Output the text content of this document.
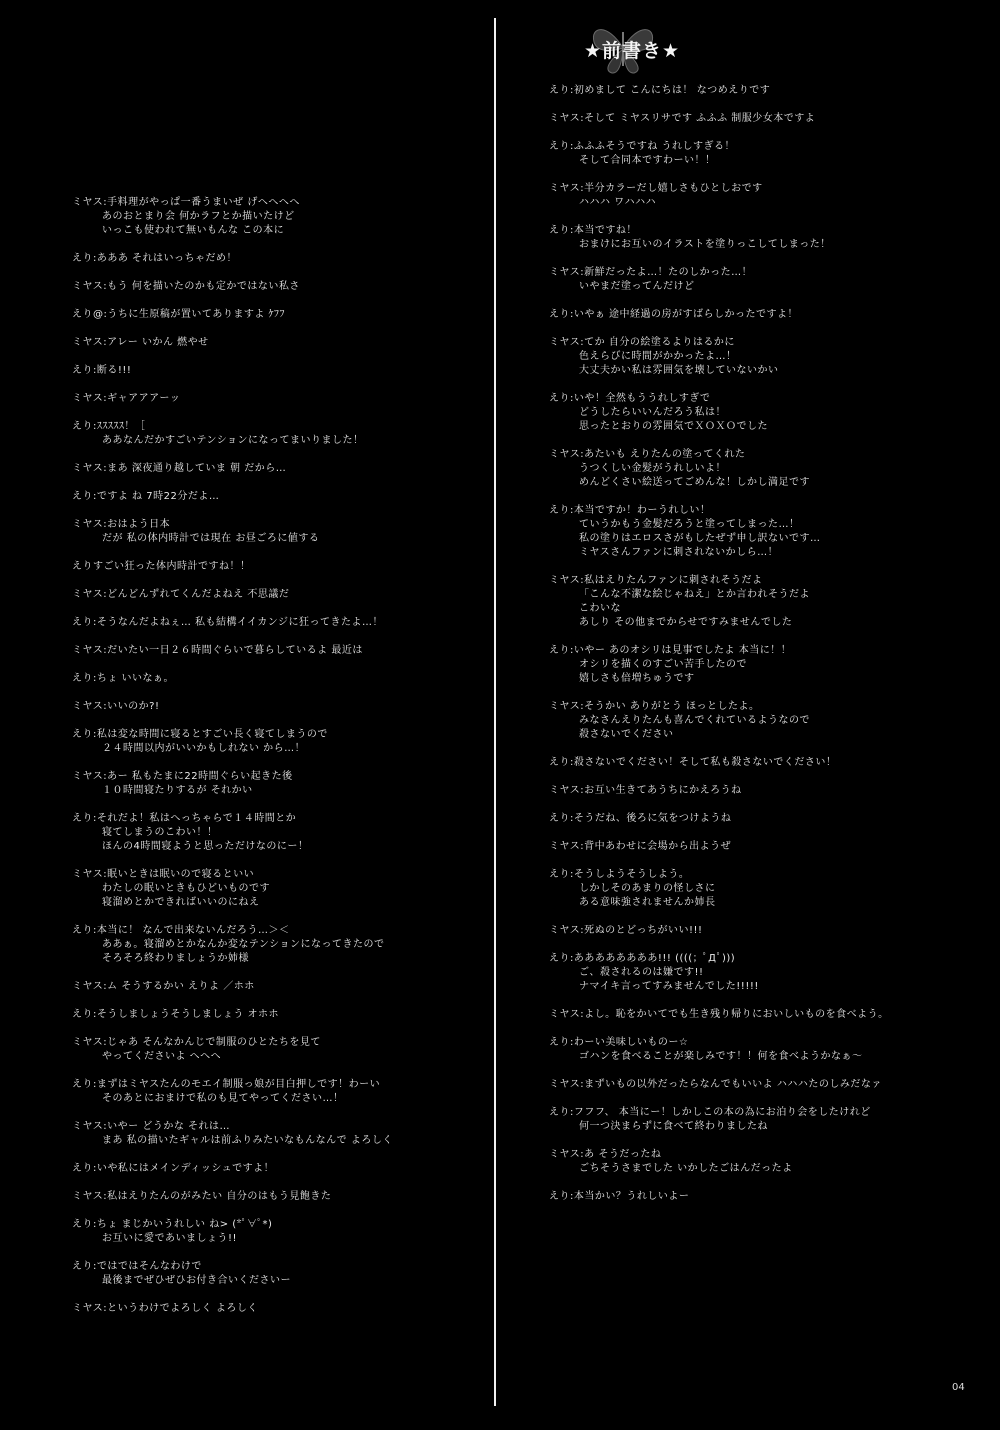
★前書き★
ミヤス:手料理がやっぱ一番うまいぜ げへへへへ
あのおとまり会 何かラフとか描いたけど
いっこも使われて無いもんな この本に
えり:あああ それはいっちゃだめ！
ミヤス:もう 何を描いたのかも定かではない私さ
えり@:うちに生原稿が置いてありますよ ｹﾌﾌ
ミヤス:アレー いかん 燃やせ
えり:断る!!!
ミヤス:ギャアアアーッ
えり:ｽｽｽｽｽ！［
ああなんだかすごいテンションになってまいりました！
ミヤス:まあ 深夜通り越していま 朝 だから…
えり:ですよ ね 7時22分だよ…
ミヤス:おはよう日本
だが 私の体内時計では現在 お昼ごろに値する
えりすごい狂った体内時計ですね！！
ミヤス:どんどんずれてくんだよねえ 不思議だ
えり:そうなんだよねぇ… 私も結構イイカンジに狂ってきたよ…！
ミヤス:だいたい一日２６時間ぐらいで暮らしているよ 最近は
えり:ちょ いいなぁ。
ミヤス:いいのか?!
えり:私は変な時間に寝るとすごい長く寝てしまうので
２４時間以内がいいかもしれない から…！
ミヤス:あー 私もたまに22時間ぐらい起きた後
１０時間寝たりするが それかい
えり:それだよ！私はへっちゃらで１４時間とか
寝てしまうのこわい！！
ほんの4時間寝ようと思っただけなのにー！
ミヤス:眠いときは眠いので寝るといい
わたしの眠いときもひどいものです
寝溜めとかできればいいのにねえ
えり:本当に！ なんで出来ないんだろう…＞＜
ああぁ。寝溜めとかなんか変なテンションになってきたので
そろそろ終わりましょうか姉様
ミヤス:ム そうするかい えりよ ／ホホ
えり:そうしましょうそうしましょう オホホ
ミヤス:じゃあ そんなかんじで制服のひとたちを見て
やってくださいよ へへへ
えり:まずはミヤスたんのモエイ制服っ娘が目白押しです！わーい
そのあとにおまけで私のも見てやってください…！
ミヤス:いやー どうかな それは…
まあ 私の描いたギャルは前ふりみたいなもんなんで よろしく
えり:いや私にはメインディッシュですよ！
ミヤス:私はえりたんのがみたい 自分のはもう見飽きた
えり:ちょ まじかいうれしい ね> (*ﾟ∀ﾟ*)
お互いに愛であいましょう!!
えり:ではではそんなわけで
最後までぜひぜひお付き合いくださいー
ミヤス:というわけでよろしく よろしく
えり:初めまして こんにちは！ なつめえりです
ミヤス:そして ミヤスリサです ふふふ 制服少女本ですよ
えり:ふふふそうですね うれしすぎる！
そして合同本ですわーい！！
ミヤス:半分カラーだし嬉しさもひとしおです
ハハハ ワハハハ
えり:本当ですね！
おまけにお互いのイラストを塗りっこしてしまった！
ミヤス:新鮮だったよ…！たのしかった…！
いやまだ塗ってんだけど
えり:いやぁ 途中経過の房がすばらしかったですよ！
ミヤス:てか 自分の絵塗るよりはるかに
色えらびに時間がかかったよ…！
大丈夫かい私は雰囲気を壊していないかい
えり:いや！全然もううれしすぎで
どうしたらいいんだろう私は！
思ったとおりの雰囲気でＸＯＸＯでした
ミヤス:あたいも えりたんの塗ってくれた
うつくしい金髪がうれしいよ！
めんどくさい絵送ってごめんな！しかし満足です
えり:本当ですか！わーうれしい！
ていうかもう金髪だろうと塗ってしまった…！
私の塗りはエロスさがもしたぜず申し訳ないです…
ミヤスさんファンに刺されないかしら…！
ミヤス:私はえりたんファンに刺されそうだよ
「こんな不潔な絵じゃねえ」とか言われそうだよ
こわいな
あしり その他までからせですみませんでした
えり:いやー あのオシリは見事でしたよ 本当に！！
オシリを描くのすごい苦手したので
嬉しさも倍増ちゅうです
ミヤス:そうかい ありがとう ほっとしたよ。
みなさんえりたんも喜んでくれているようなので
殺さないでください
えり:殺さないでください！そして私も殺さないでください！
ミヤス:お互い生きてあうちにかえろうね
えり:そうだね、後ろに気をつけようね
ミヤス:背中あわせに会場から出ようぜ
えり:そうしようそうしよう。
しかしそのあまりの怪しさに
ある意味強されませんか姉長
ミヤス:死ぬのとどっちがいい!!!
えり:ああああああああ!!! ((((；ﾟДﾟ)))
ご、殺されるのは嫌です!!
ナマイキ言ってすみませんでした!!!!!
ミヤス:よし。恥をかいてでも生き残り帰りにおいしいものを食べよう。
えり:わーい美味しいものー☆
ゴハンを食べることが楽しみです！！何を食べようかなぁ〜
ミヤス:まずいもの以外だったらなんでもいいよ ハハハたのしみだなァ
えり:フフフ、 本当にー！しかしこの本の為にお泊り会をしたけれど
何一つ決まらずに食べて終わりましたね
ミヤス:あ そうだったね
ごちそうさまでした いかしたごはんだったよ
えり:本当かい？うれしいよー
04
